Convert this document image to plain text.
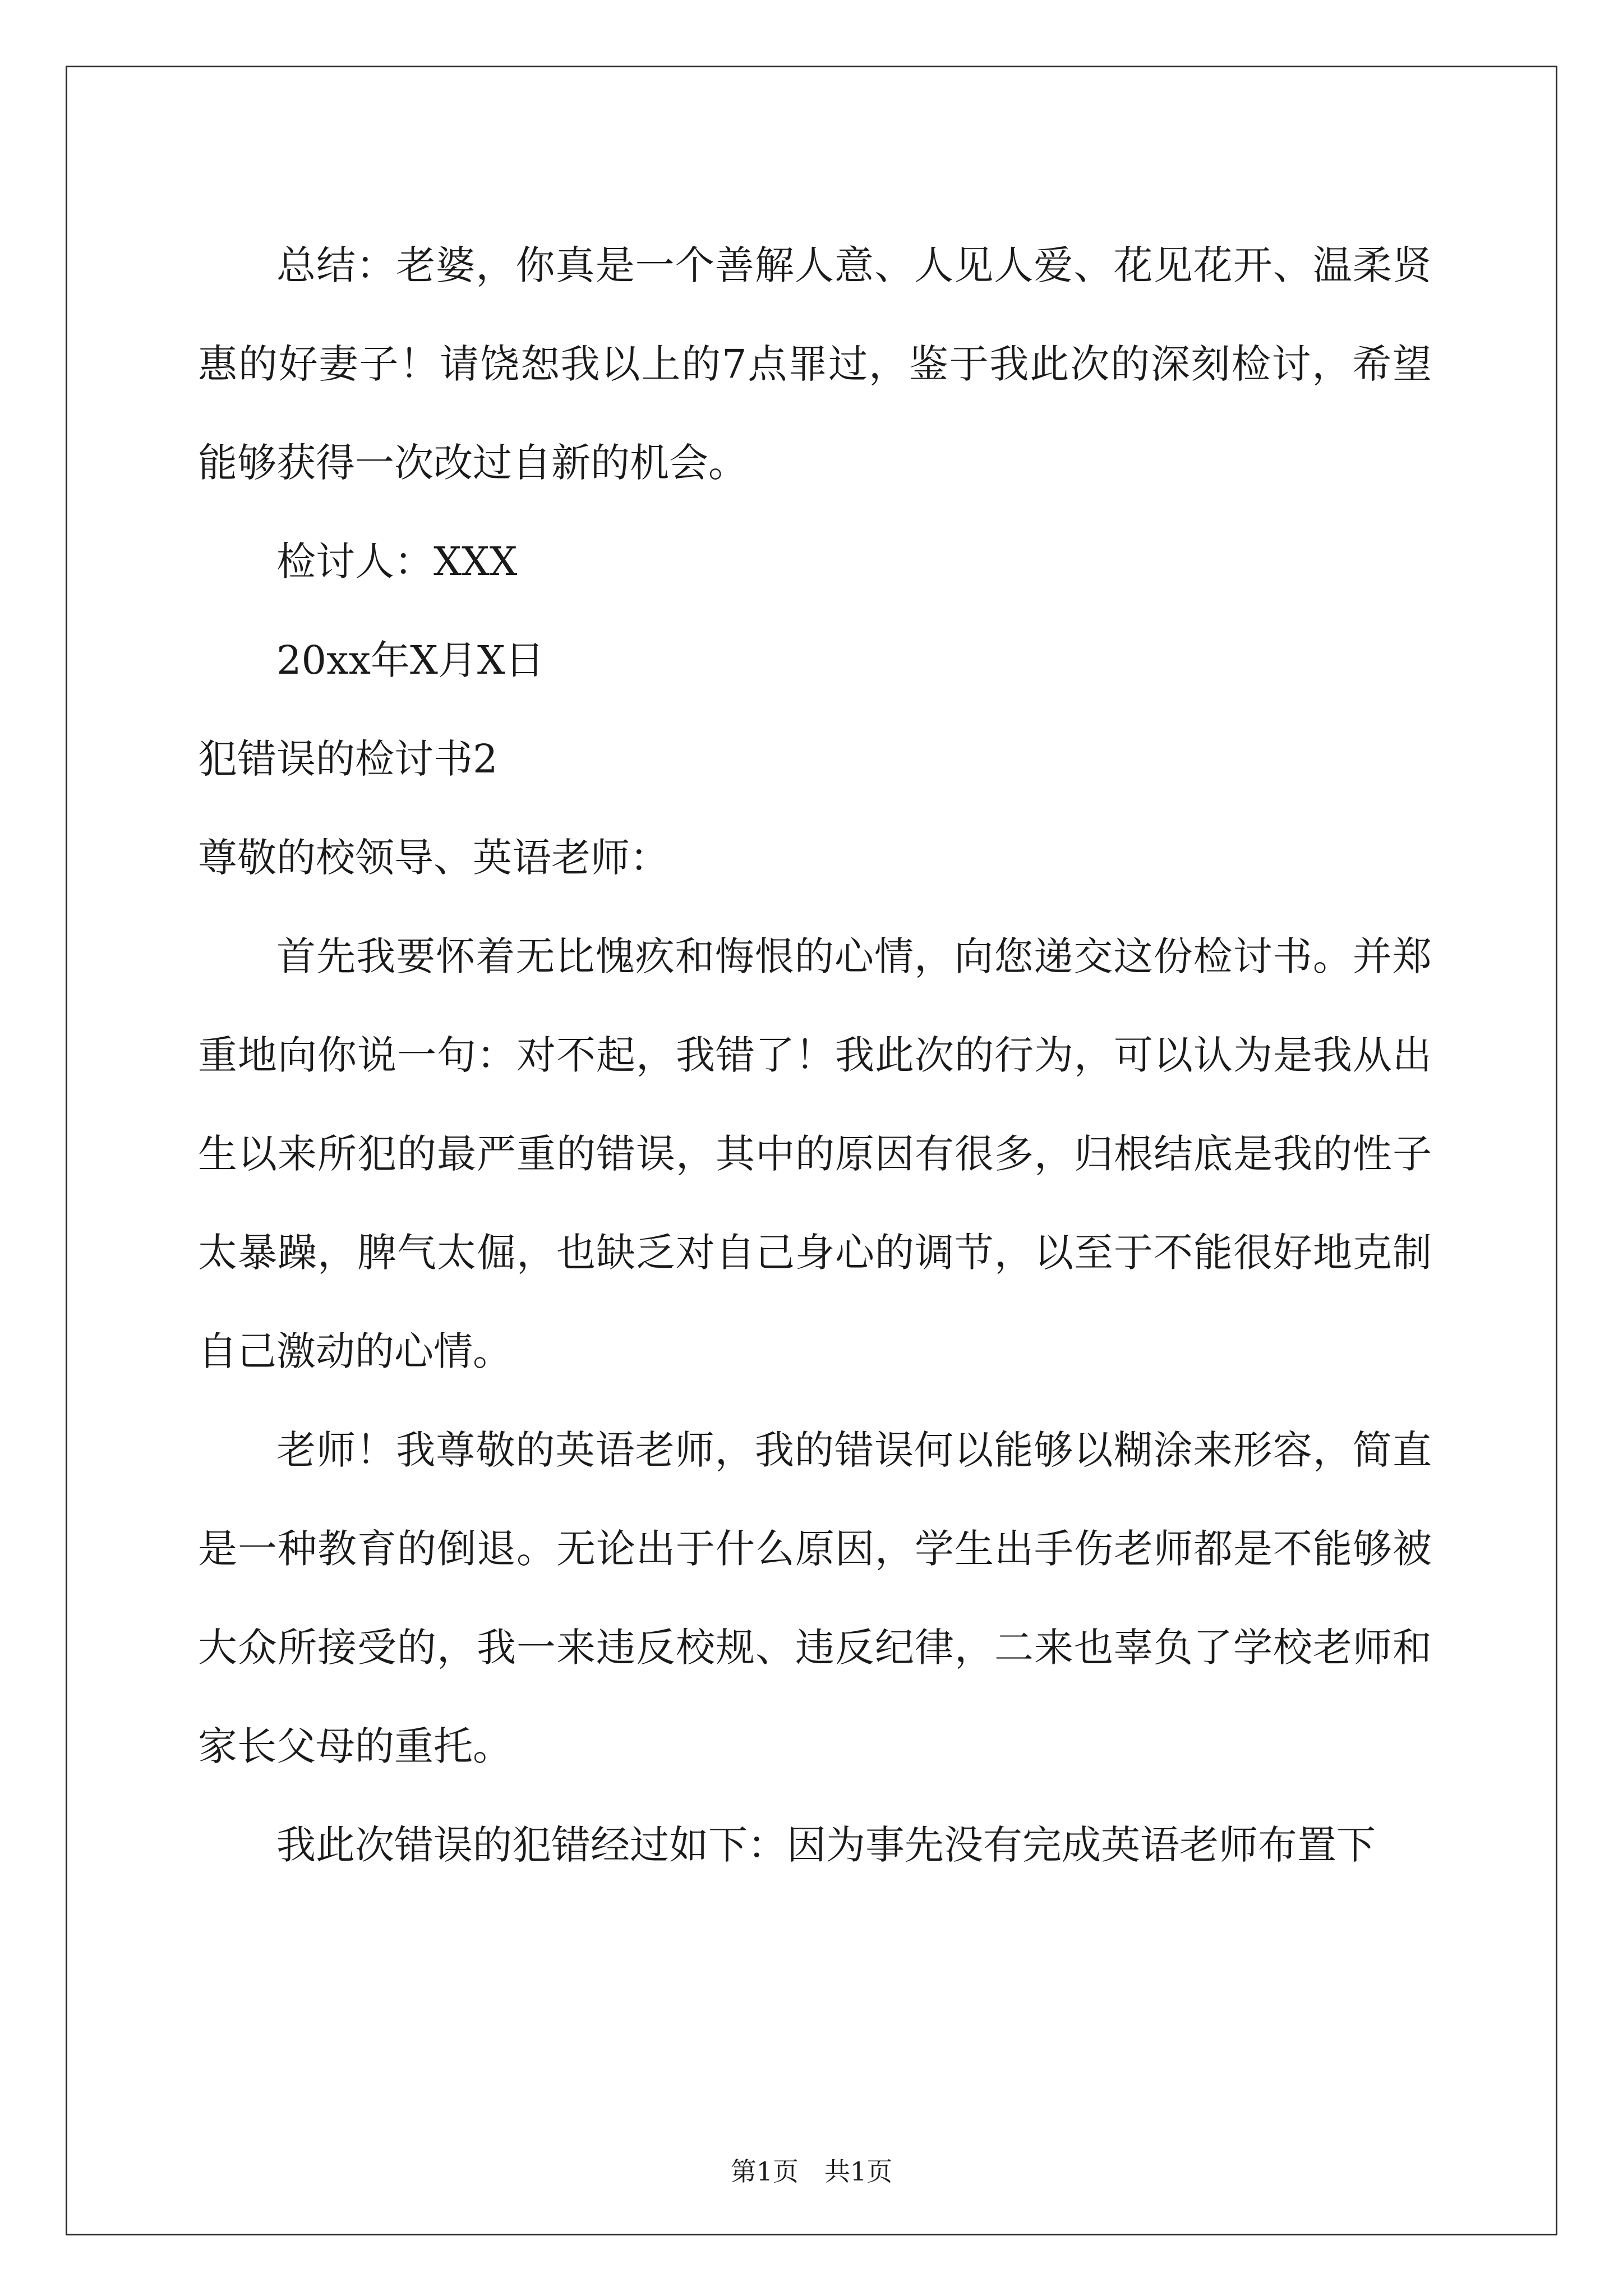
总结：老婆，你真是一个善解人意、人见人爱、花见花开、温柔贤惠的好妻子！请饶恕我以上的7点罪过，鉴于我此次的深刻检讨，希望能够获得一次改过自新的机会。

检讨人：XXX

20xx年X月X日

犯错误的检讨书2

尊敬的校领导、英语老师：

首先我要怀着无比愧疚和悔恨的心情，向您递交这份检讨书。并郑重地向你说一句：对不起，我错了！我此次的行为，可以认为是我从出生以来所犯的最严重的错误，其中的原因有很多，归根结底是我的性子太暴躁，脾气太倔，也缺乏对自己身心的调节，以至于不能很好地克制自己激动的心情。

老师！我尊敬的英语老师，我的错误何以能够以糊涂来形容，简直是一种教育的倒退。无论出于什么原因，学生出手伤老师都是不能够被大众所接受的，我一来违反校规、违反纪律，二来也辜负了学校老师和家长父母的重托。

我此次错误的犯错经过如下：因为事先没有完成英语老师布置下

第1页　共1页
